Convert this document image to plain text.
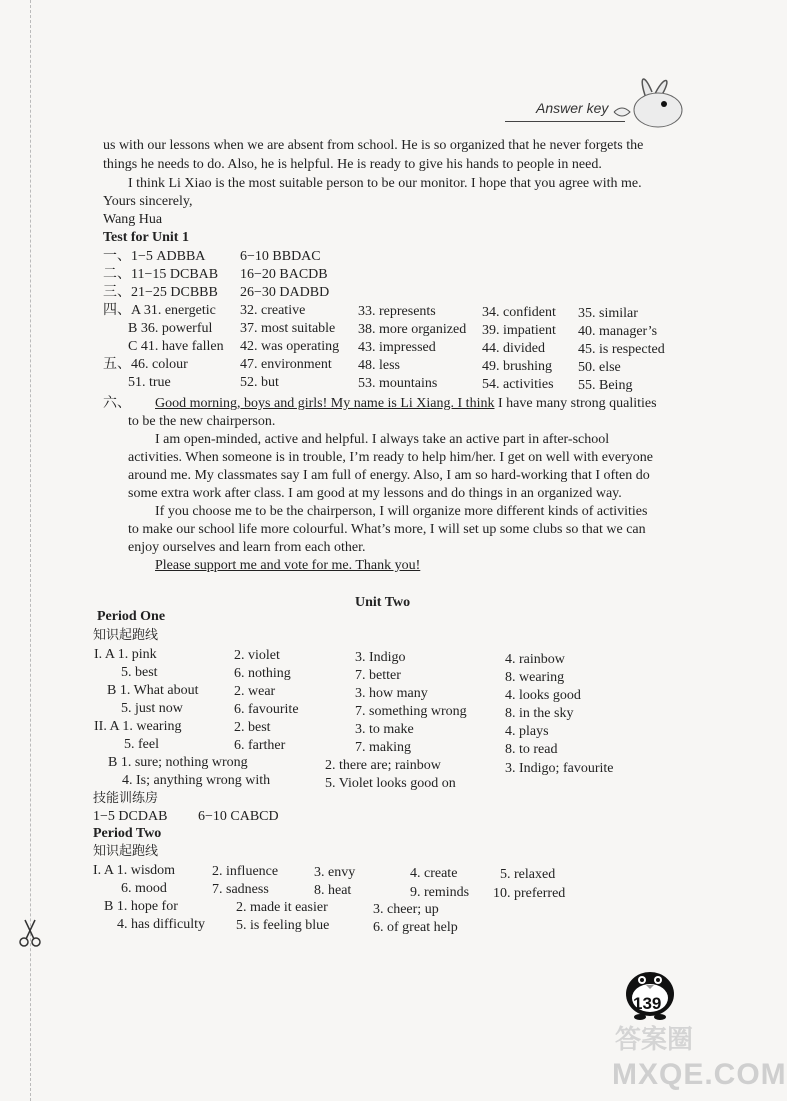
Answer key
us with our lessons when we are absent from school. He is so organized that he never forgets the
things he needs to do. Also, he is helpful. He is ready to give his hands to people in need.
I think Li Xiao is the most suitable person to be our monitor. I hope that you agree with me.
Yours sincerely,
Wang Hua
Test for Unit 1
一、1−5 ADBBA 6−10 BBDAC
二、11−15 DCBAB 16−20 BACDB
三、21−25 DCBBB 26−30 DADBD
四、A 31. energetic 32. creative	33. represents	34. confident 35. similar
B 36. powerful 37. most suitable 38. more organized 39. impatient 40. manager’s
C 41. have fallen 42. was operating 43. impressed	44. divided 45. is respected
五、46. colour	47. environment 48. less	49. brushing 50. else
51. true	52. but	53. mountains	54. activities 55. Being
六、 Good morning, boys and girls! My name is Li Xiang. I think I have many strong qualities
to be the new chairperson.
I am open-minded, active and helpful. I always take an active part in after-school
activities. When someone is in trouble, I’m ready to help him/her. I get on well with everyone
around me. My classmates say I am full of energy. Also, I am so hard-working that I often do
some extra work after class. I am good at my lessons and do things in an organized way.
If you choose me to be the chairperson, I will organize more different kinds of activities
to make our school life more colourful. What’s more, I will set up some clubs so that we can
enjoy ourselves and learn from each other.
Please support me and vote for me. Thank you!
Unit Two
Period One
知识起跑线
I. A 1. pink	2. violet	3. Indigo	4. rainbow
5. best	6. nothing	7. better	8. wearing
B 1. What about	2. wear	3. how many	4. looks good
5. just now	6. favourite	7. something wrong	8. in the sky
II. A 1. wearing	2. best	3. to make	4. plays
5. feel	6. farther	7. making	8. to read
B 1. sure; nothing wrong	2. there are; rainbow	3. Indigo; favourite
4. Is; anything wrong with	5. Violet looks good on
技能训练房
1−5 DCDAB 6−10 CABCD
Period Two
知识起跑线
I. A 1. wisdom	2. influence	3. envy	4. create	5. relaxed
6. mood	7. sadness	8. heat	9. reminds 10. preferred
B 1. hope for	2. made it easier	3. cheer; up
4. has difficulty 5. is feeling blue	6. of great help
139
答案圈
MXQE.COM
